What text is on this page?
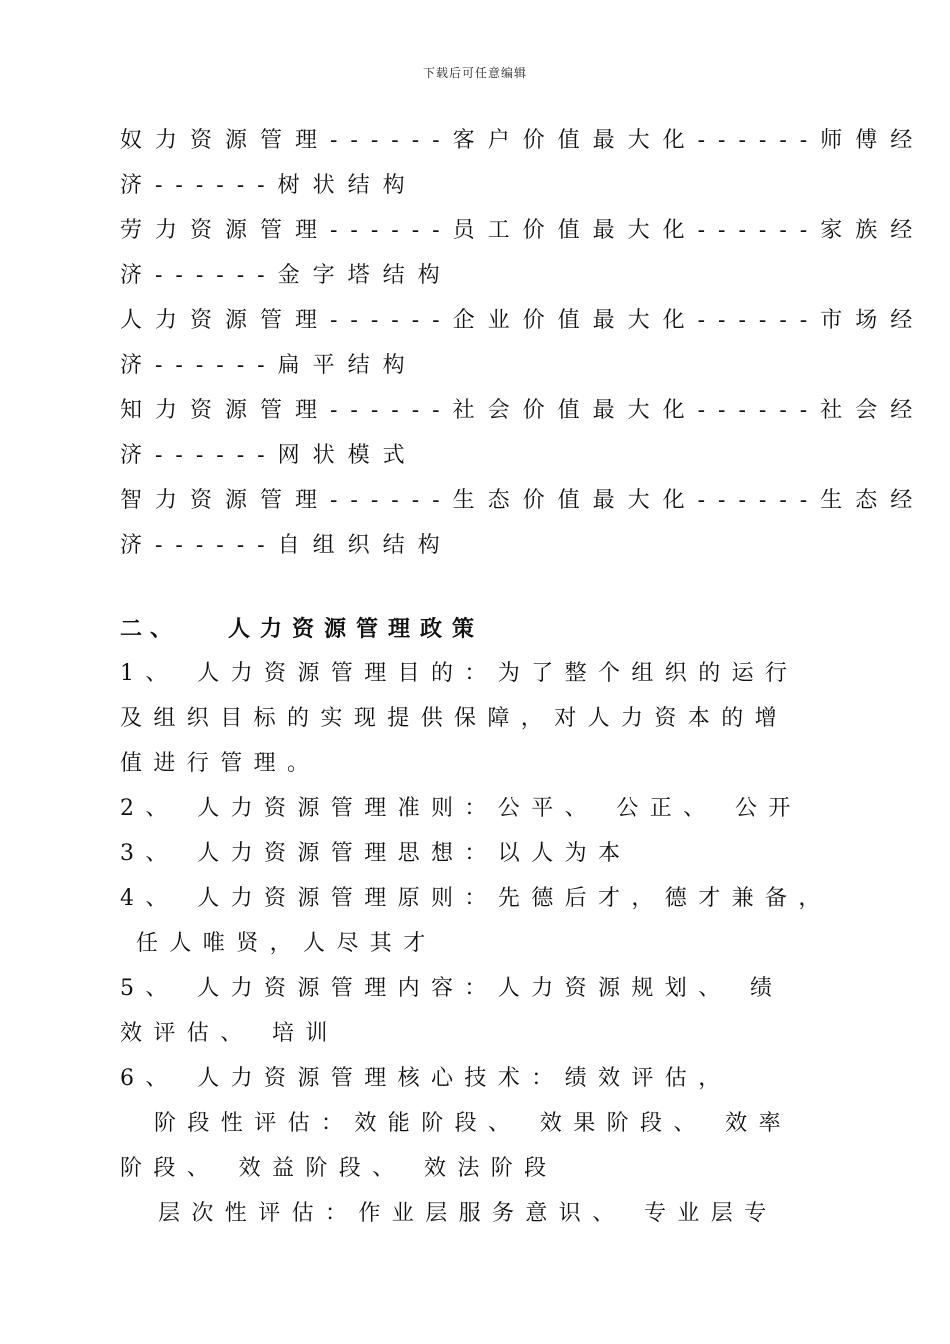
下载后可任意编辑
奴力资源管理------客户价值最大化------师傅经
济------树状结构
劳力资源管理------员工价值最大化------家族经
济------金字塔结构
人力资源管理------企业价值最大化------市场经
济------扁平结构
知力资源管理------社会价值最大化------社会经
济------网状模式
智力资源管理------生态价值最大化------生态经
济------自组织结构
二、 人力资源管理政策
1、 人力资源管理目的：为了整个组织的运行
及组织目标的实现提供保障，对人力资本的增
值进行管理。
2、 人力资源管理准则：公平、 公正、 公开
3、 人力资源管理思想：以人为本
4、 人力资源管理原则：先德后才，德才兼备，
任人唯贤，人尽其才
5、 人力资源管理内容：人力资源规划、 绩
效评估、 培训
6、 人力资源管理核心技术：绩效评估，
阶段性评估：效能阶段、 效果阶段、 效率
阶段、 效益阶段、 效法阶段
层次性评估：作业层服务意识、 专业层专
